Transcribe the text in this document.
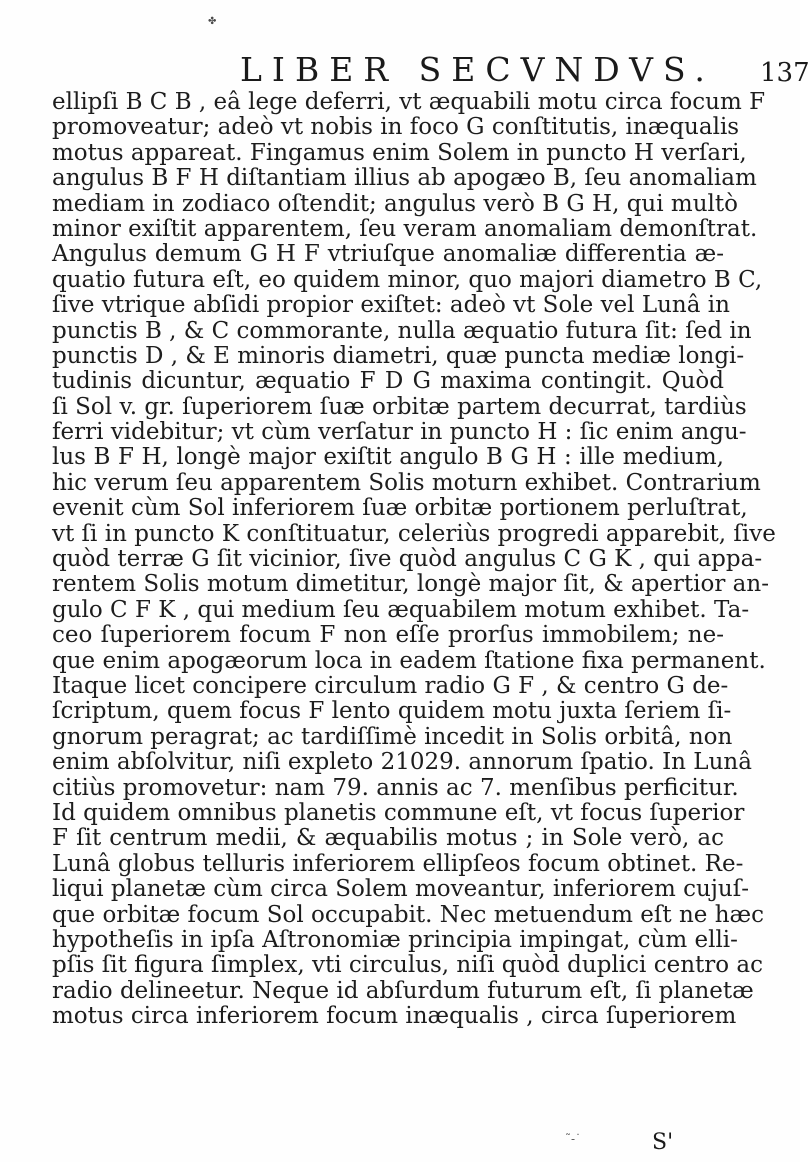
✤
LIBER SECVNDVS. 137
ellipſi B C B , eâ lege deferri, vt æquabili motu circa focum F
promoveatur; adeò vt nobis in foco G conſtitutis, inæqualis
motus appareat. Fingamus enim Solem in puncto H verſari,
angulus B F H diſtantiam illius ab apogæo B, ſeu anomaliam
mediam in zodiaco oſtendit; angulus verò B G H, qui multò
minor exiſtit apparentem, ſeu veram anomaliam demonſtrat.
Angulus demum G H F vtriuſque anomaliæ differentia æ-
quatio futura eſt, eo quidem minor, quo majori diametro B C,
ſive vtrique abſidi propior exiſtet: adeò vt Sole vel Lunâ in
punctis B , & C commorante, nulla æquatio futura ſit: ſed in
punctis D , & E minoris diametri, quæ puncta mediæ longi-
tudinis dicuntur, æquatio F D G maxima contingit. Quòd
ſi Sol v. gr. ſuperiorem ſuæ orbitæ partem decurrat, tardiùs
ferri videbitur; vt cùm verſatur in puncto H : ſic enim angu-
lus B F H, longè major exiſtit angulo B G H : ille medium,
hic verum ſeu apparentem Solis moturn exhibet. Contrarium
evenit cùm Sol inferiorem ſuæ orbitæ portionem perluſtrat,
vt ſi in puncto K conſtituatur, celeriùs progredi apparebit, ſive
quòd terræ G ſit vicinior, ſive quòd angulus C G K , qui appa-
rentem Solis motum dimetitur, longè major ſit, & apertior an-
gulo C F K , qui medium ſeu æquabilem motum exhibet. Ta-
ceo ſuperiorem focum F non eſſe prorſus immobilem; ne-
que enim apogæorum loca in eadem ſtatione fixa permanent.
Itaque licet concipere circulum radio G F , & centro G de-
ſcriptum, quem focus F lento quidem motu juxta ſeriem ſi-
gnorum peragrat; ac tardiſſimè incedit in Solis orbitâ, non
enim abſolvitur, niſi expleto 21029. annorum ſpatio. In Lunâ
citiùs promovetur: nam 79. annis ac 7. menſibus perficitur.
Id quidem omnibus planetis commune eſt, vt focus ſuperior
F ſit centrum medii, & æquabilis motus ; in Sole verò, ac
Lunâ globus telluris inferiorem ellipſeos focum obtinet. Re-
liqui planetæ cùm circa Solem moveantur, inferiorem cujuſ-
que orbitæ focum Sol occupabit. Nec metuendum eſt ne hæc
hypotheſis in ipſa Aſtronomiæ principia impingat, cùm elli-
pſis ſit figura ſimplex, vti circulus, niſi quòd duplici centro ac
radio delineetur. Neque id abſurdum futurum eſt, ſi planetæ
motus circa inferiorem focum inæqualis , circa ſuperiorem
˜-˙	S'
